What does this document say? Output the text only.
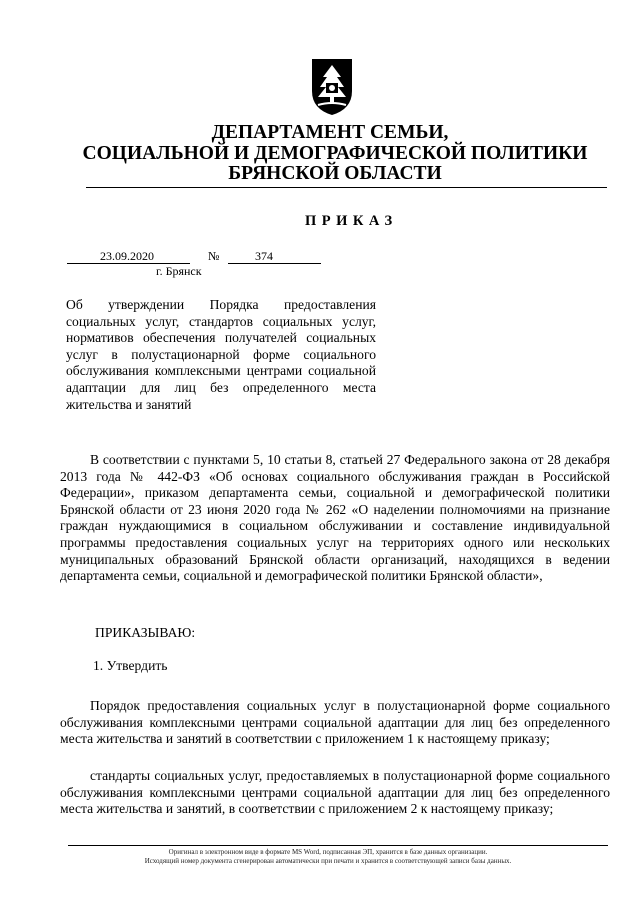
ДЕПАРТАМЕНТ СЕМЬИ,
СОЦИАЛЬНОЙ И ДЕМОГРАФИЧЕСКОЙ ПОЛИТИКИ
БРЯНСКОЙ ОБЛАСТИ
ПРИКАЗ
23.09.2020	№	374
г. Брянск
Об утверждении Порядка предоставления социальных услуг, стандартов социальных услуг, нормативов обеспечения получателей социальных услуг в полустационарной форме социального обслуживания комплексными центрами социальной адаптации для лиц без определенного места жительства и занятий
В соответствии с пунктами 5, 10 статьи 8, статьей 27 Федерального закона от 28 декабря 2013 года № 442-ФЗ «Об основах социального обслуживания граждан в Российской Федерации», приказом департамента семьи, социальной и демографической политики Брянской области от 23 июня 2020 года № 262 «О наделении полномочиями на признание граждан нуждающимися в социальном обслуживании и составление индивидуальной программы предоставления социальных услуг на территориях одного или нескольких муниципальных образований Брянской области организаций, находящихся в ведении департамента семьи, социальной и демографической политики Брянской области»,
ПРИКАЗЫВАЮ:
1. Утвердить
Порядок предоставления социальных услуг в полустационарной форме социального обслуживания комплексными центрами социальной адаптации для лиц без определенного места жительства и занятий в соответствии с приложением 1 к настоящему приказу;
стандарты социальных услуг, предоставляемых в полустационарной форме социального обслуживания комплексными центрами социальной адаптации для лиц без определенного места жительства и занятий, в соответствии с приложением 2 к настоящему приказу;
Оригинал в электронном виде в формате MS Word, подписанная ЭП, хранится в базе данных организации.
Исходящий номер документа сгенерирован автоматически при печати и хранится в соответствующей записи базы данных.
